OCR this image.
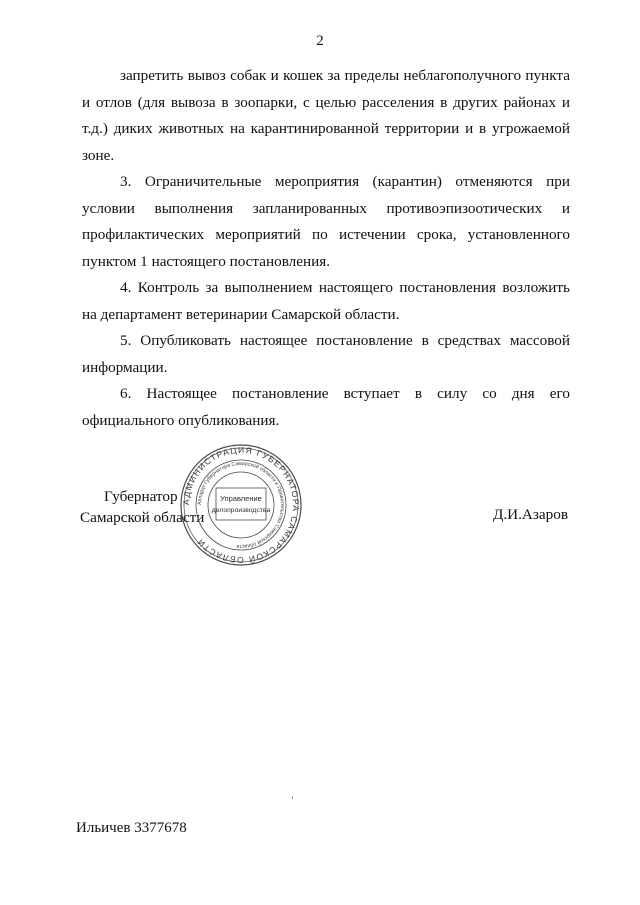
2

запретить вывоз собак и кошек за пределы неблагополучного пункта и отлов (для вывоза в зоопарки, с целью расселения в других районах и т.д.) диких животных на карантинированной территории и в угрожаемой зоне.

3. Ограничительные мероприятия (карантин) отменяются при условии выполнения запланированных противоэпизоотических и профилактических мероприятий по истечении срока, установленного пунктом 1 настоящего постановления.

4. Контроль за выполнением настоящего постановления возложить на департамент ветеринарии Самарской области.

5. Опубликовать настоящее постановление в средствах массовой информации.

6. Настоящее постановление вступает в силу со дня его официального опубликования.

Губернатор
Самарской области	Д.И.Азаров
АДМИНИСТРАЦИЯ ГУБЕРНАТОРА САМАРСКОЙ ОБЛАСТИ
Аппарат Губернатора Самарской области и Правительства Самарской области
Управление
делопроизводства
Ильичев 3377678
